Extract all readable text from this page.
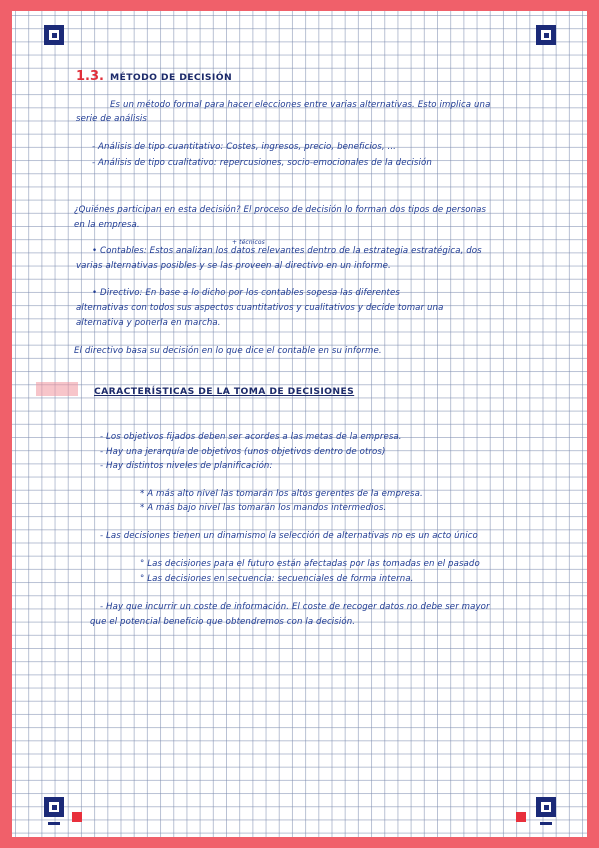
1.3. MÉTODO DE DECISIÓN

Es un método formal para hacer elecciones entre varias alternativas. Esto implica una

serie de análisis

- Análisis de tipo cuantitativo: Costes, ingresos, precio, beneficios, ...

- Análisis de tipo cualitativo: repercusiones, socio-emocionales de la decisión

¿Quiénes participan en esta decisión? El proceso de decisión lo forman dos tipos de personas

en la empresa.

+ técnicos

• Contables: Estos analizan los datos relevantes dentro de la estrategia estratégica, dos

varias alternativas posibles y se las proveen al directivo en un informe.

• Directivo: En base a lo dicho por los contables sopesa las diferentes

alternativas con todos sus aspectos cuantitativos y cualitativos y decide tomar una

alternativa y ponerla en marcha.

El directivo basa su decisión en lo que dice el contable en su informe.

CARACTERÍSTICAS DE LA TOMA DE DECISIONES

- Los objetivos fijados deben ser acordes a las metas de la empresa.

- Hay una jerarquía de objetivos (unos objetivos dentro de otros)

- Hay distintos niveles de planificación:

* A más alto nivel las tomarán los altos gerentes de la empresa.

* A más bajo nivel las tomarán los mandos intermedios.

- Las decisiones tienen un dinamismo la selección de alternativas no es un acto único

° Las decisiones para el futuro están afectadas por las tomadas en el pasado

° Las decisiones en secuencia: secuenciales de forma interna.

- Hay que incurrir un coste de información. El coste de recoger datos no debe ser mayor

que el potencial beneficio que obtendremos con la decisión.
